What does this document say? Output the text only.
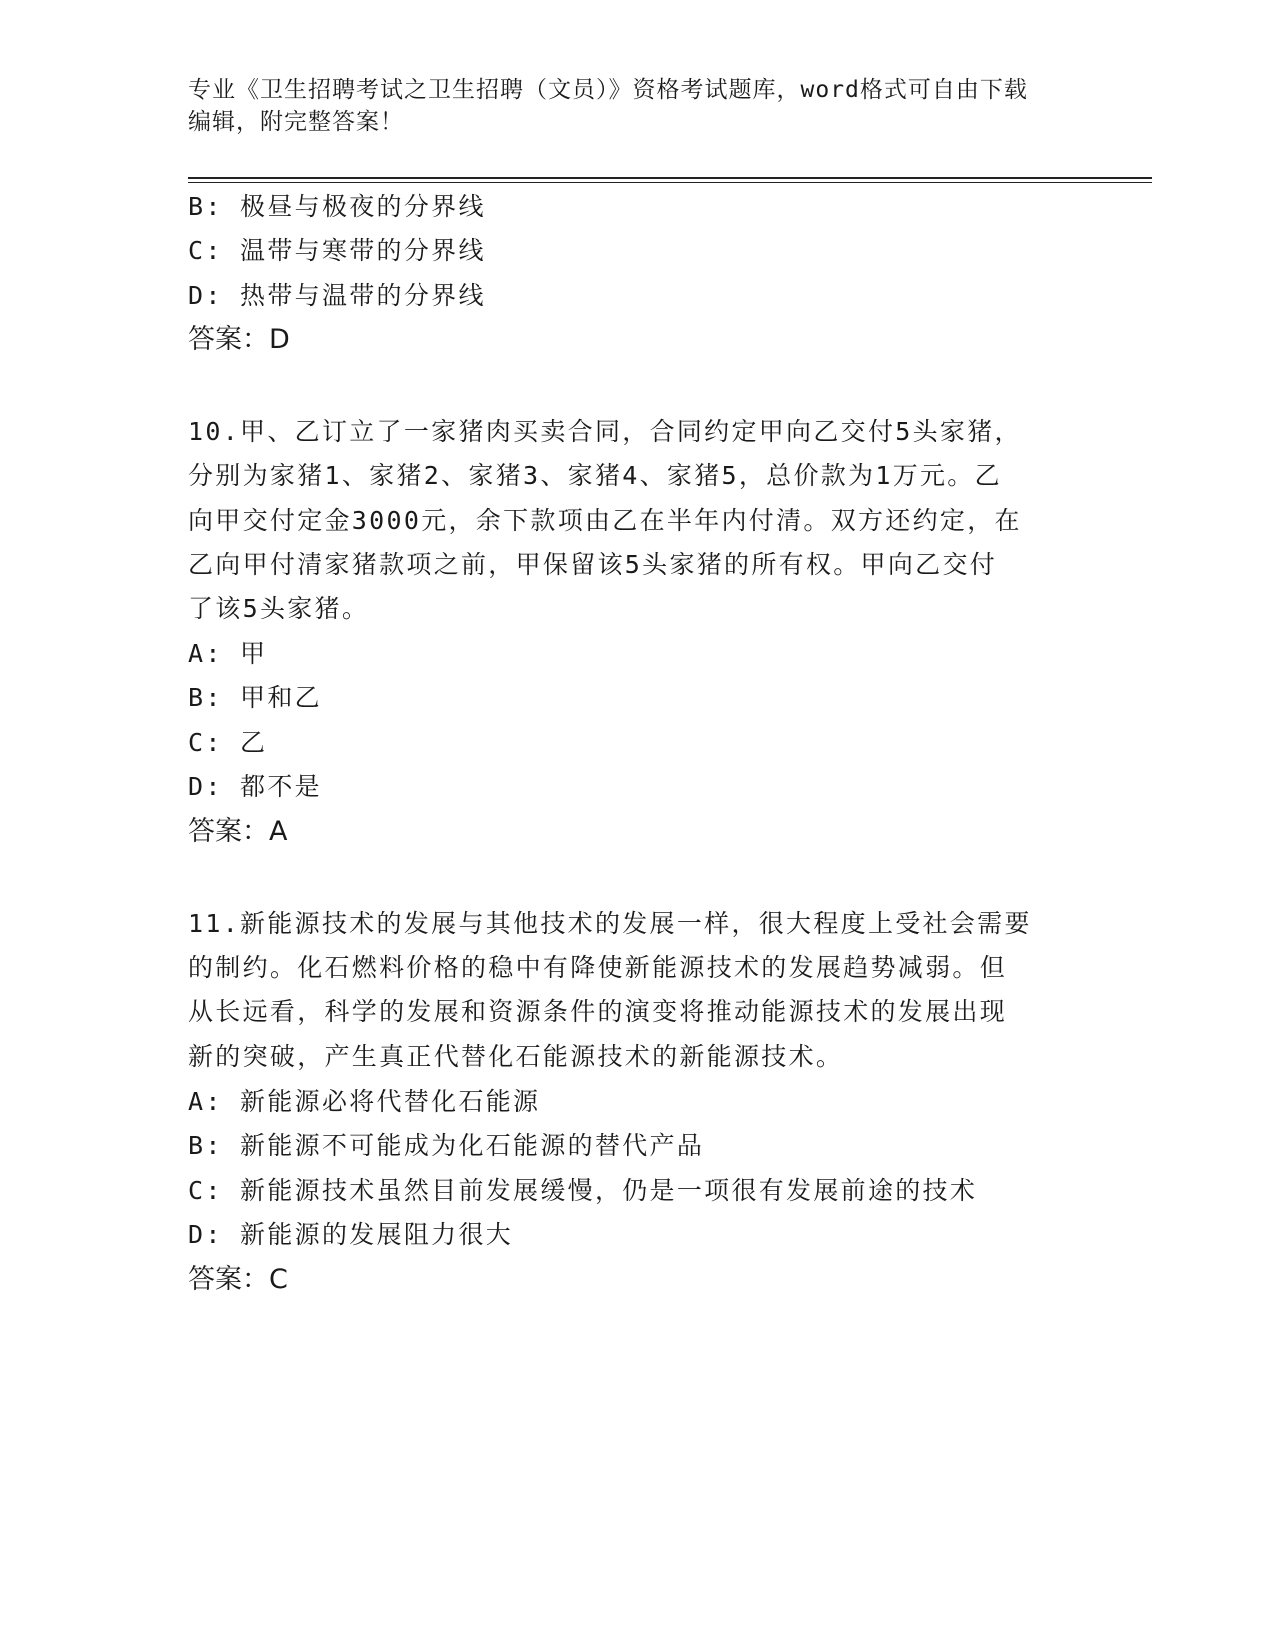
专业《卫生招聘考试之卫生招聘（文员）》资格考试题库，word格式可自由下载
编辑，附完整答案！
B: 极昼与极夜的分界线
C: 温带与寒带的分界线
D: 热带与温带的分界线
答案：D
10.甲、乙订立了一家猪肉买卖合同，合同约定甲向乙交付5头家猪，
分别为家猪1、家猪2、家猪3、家猪4、家猪5，总价款为1万元。乙
向甲交付定金3000元，余下款项由乙在半年内付清。双方还约定，在
乙向甲付清家猪款项之前，甲保留该5头家猪的所有权。甲向乙交付
了该5头家猪。
A: 甲
B: 甲和乙
C: 乙
D: 都不是
答案：A
11.新能源技术的发展与其他技术的发展一样，很大程度上受社会需要
的制约。化石燃料价格的稳中有降使新能源技术的发展趋势减弱。但
从长远看，科学的发展和资源条件的演变将推动能源技术的发展出现
新的突破，产生真正代替化石能源技术的新能源技术。
A: 新能源必将代替化石能源
B: 新能源不可能成为化石能源的替代产品
C: 新能源技术虽然目前发展缓慢，仍是一项很有发展前途的技术
D: 新能源的发展阻力很大
答案：C
